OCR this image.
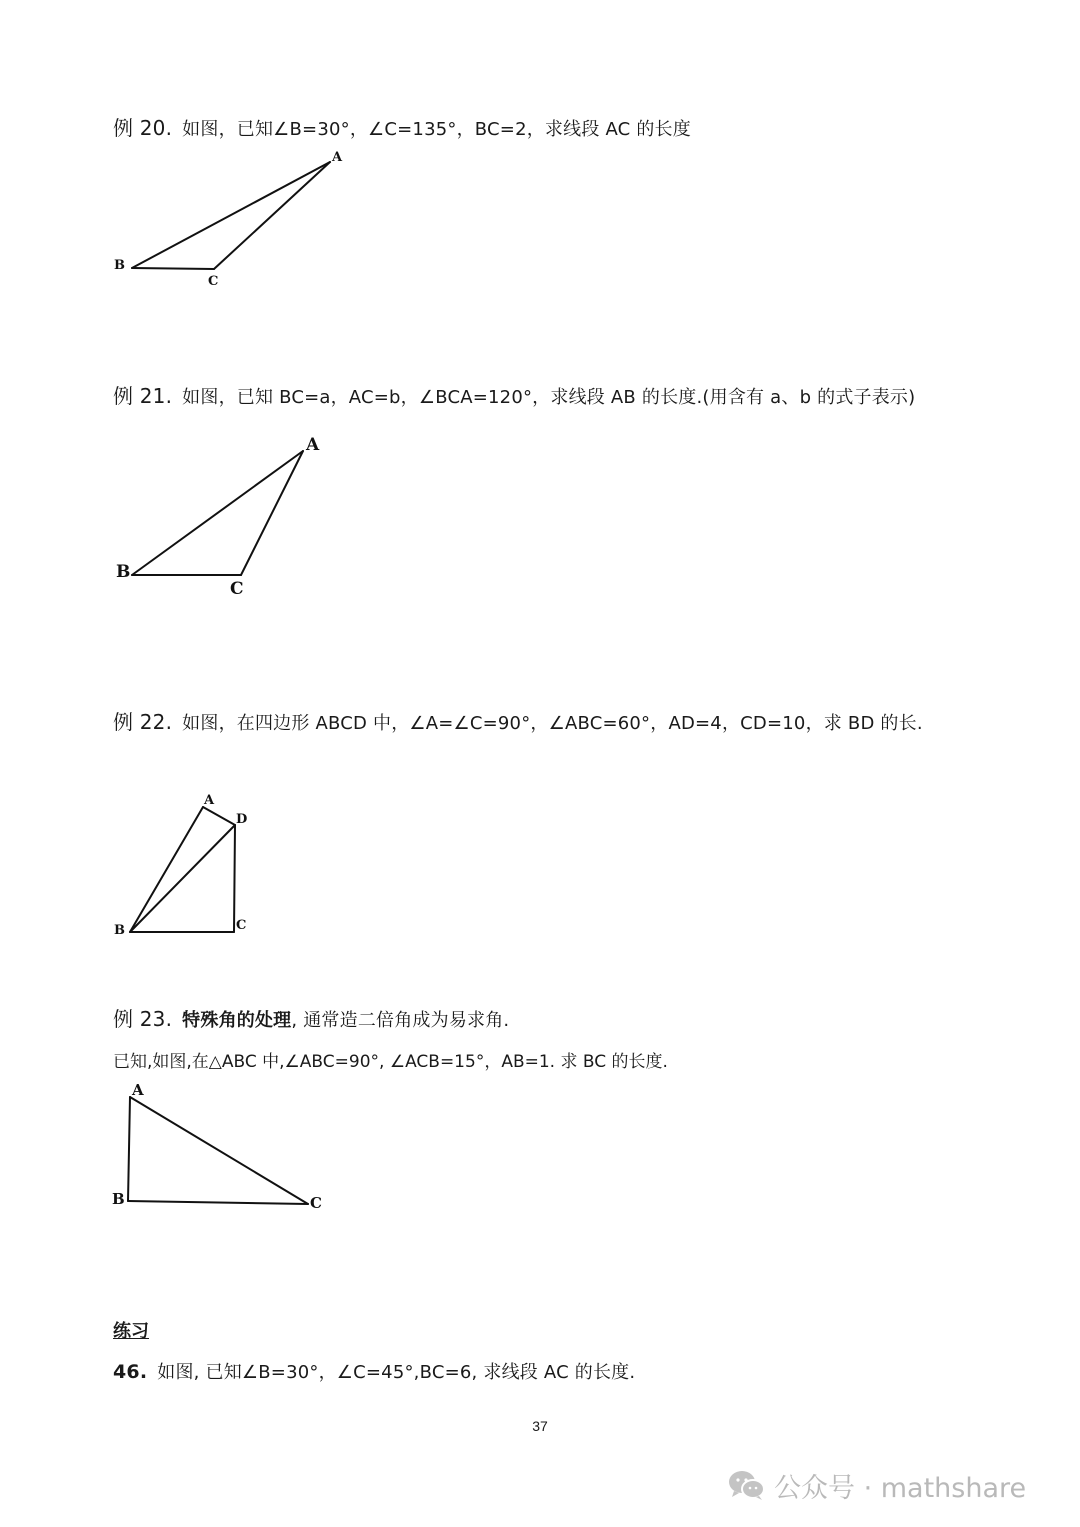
例 20. 如图，已知∠B=30°，∠C=135°，BC=2，求线段 AC 的长度
A
B
C
例 21. 如图，已知 BC=a，AC=b，∠BCA=120°，求线段 AB 的长度.(用含有 a、b 的式子表示)
A
B
C
例 22. 如图，在四边形 ABCD 中，∠A=∠C=90°，∠ABC=60°，AD=4，CD=10，求 BD 的长.
A
D
B	C
例 23. 特殊角的处理, 通常造二倍角成为易求角.
已知,如图,在△ABC 中,∠ABC=90°, ∠ACB=15°，AB=1. 求 BC 的长度.
A
B	C
练习
46. 如图, 已知∠B=30°，∠C=45°,BC=6, 求线段 AC 的长度.
37
公众号 · mathshare
